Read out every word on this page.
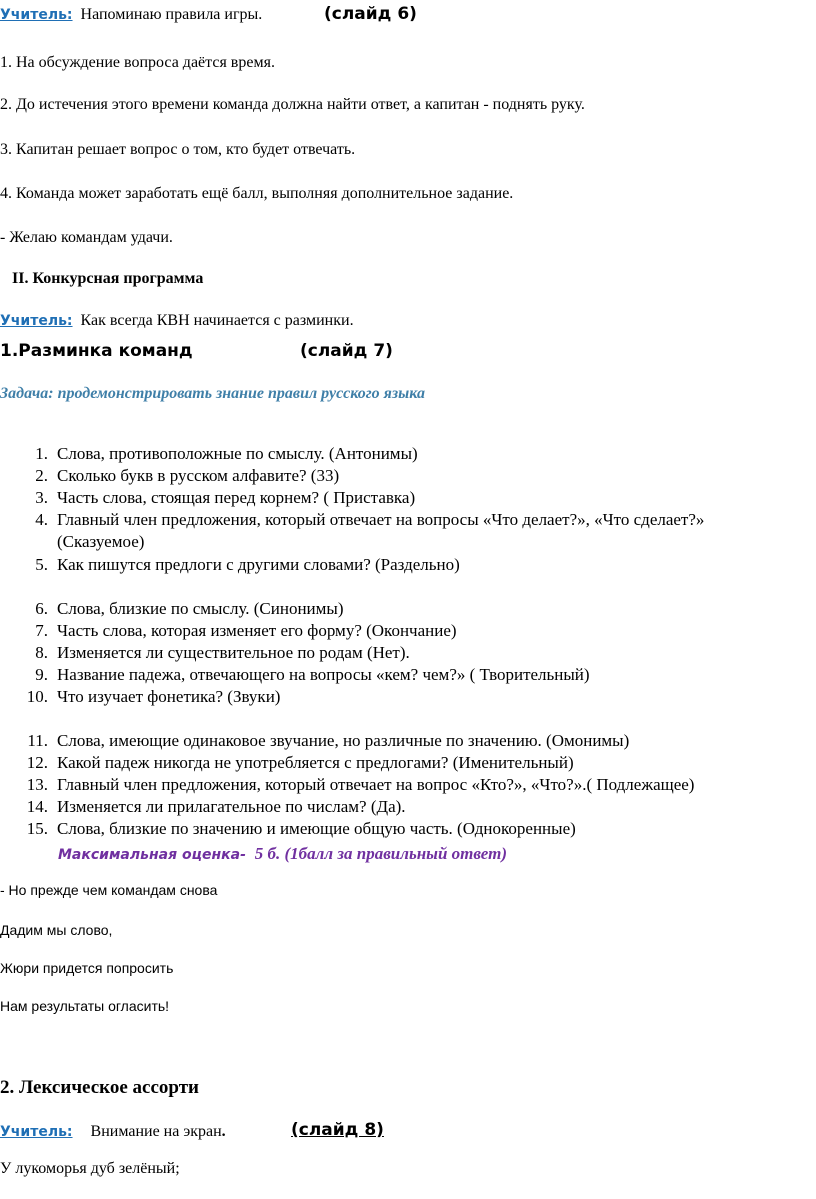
Учитель: Напоминаю правила игры.	(слайд 6)
1. На обсуждение вопроса даётся время.
2. До истечения этого времени команда должна найти ответ, а капитан - поднять руку.
3. Капитан решает вопрос о том, кто будет отвечать.
4. Команда может заработать ещё балл, выполняя дополнительное задание.
- Желаю командам удачи.
II. Конкурсная программа
Учитель: Как всегда КВН начинается с разминки.
1.Разминка команд	(слайд 7)
Задача: продемонстрировать знание правил русского языка
1. Слова, противоположные по смыслу. (Антонимы)
2. Сколько букв в русском алфавите? (33)
3. Часть слова, стоящая перед корнем? ( Приставка)
4. Главный член предложения, который отвечает на вопросы «Что делает?», «Что сделает?»
(Сказуемое)
5. Как пишутся предлоги с другими словами? (Раздельно)
6. Слова, близкие по смыслу. (Синонимы)
7. Часть слова, которая изменяет его форму? (Окончание)
8. Изменяется ли существительное по родам (Нет).
9. Название падежа, отвечающего на вопросы «кем? чем?» ( Творительный)
10. Что изучает фонетика? (Звуки)
11. Слова, имеющие одинаковое звучание, но различные по значению. (Омонимы)
12. Какой падеж никогда не употребляется с предлогами? (Именительный)
13. Главный член предложения, который отвечает на вопрос «Кто?», «Что?».( Подлежащее)
14. Изменяется ли прилагательное по числам? (Да).
15. Слова, близкие по значению и имеющие общую часть. (Однокоренные)
Максимальная оценка- 5 б. (1балл за правильный ответ)
- Но прежде чем командам снова
Дадим мы слово,
Жюри придется попросить
Нам результаты огласить!
2. Лексическое ассорти
Учитель: Внимание на экран.	(слайд 8)
У лукоморья дуб зелёный;
